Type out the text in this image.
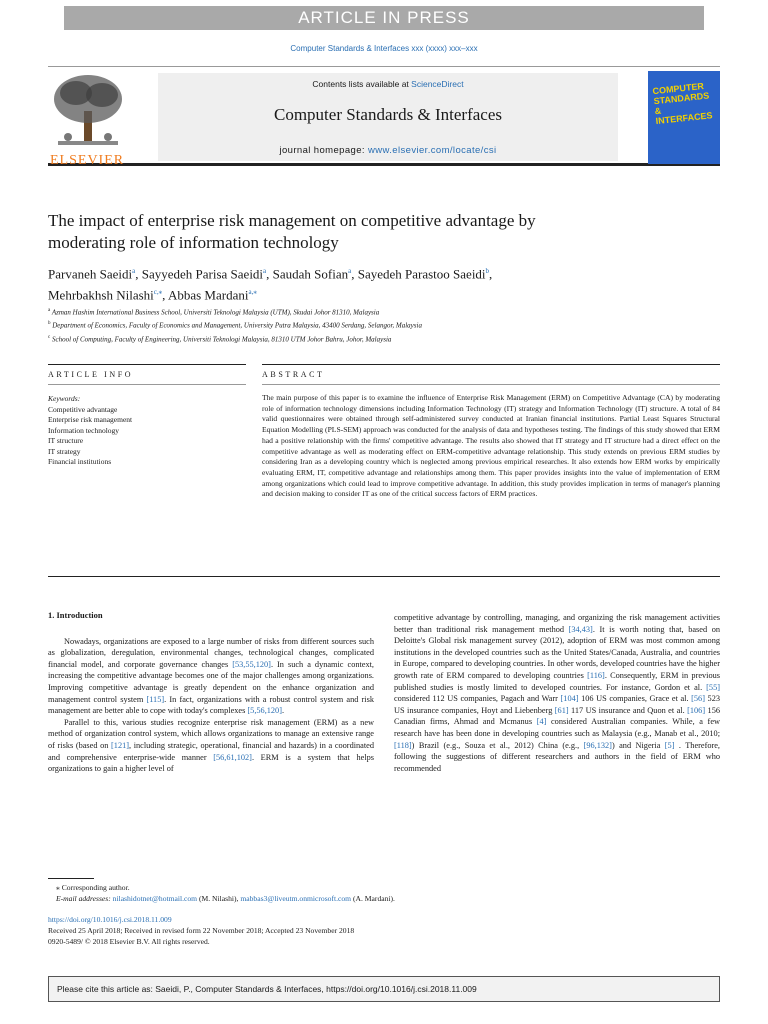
ARTICLE IN PRESS
Computer Standards & Interfaces xxx (xxxx) xxx–xxx
ELSEVIER
Contents lists available at ScienceDirect
Computer Standards & Interfaces
journal homepage: www.elsevier.com/locate/csi
COMPUTER STANDARDS & INTERFACES
The impact of enterprise risk management on competitive advantage by
moderating role of information technology
Parvaneh Saeidi$^a$, Sayyedeh Parisa Saeidi$^a$, Saudah Sofian$^a$, Sayedeh Parastoo Saeidi$^b$,
Mehrbakhsh Nilashi$^{c,⁎}$, Abbas Mardani$^{a,⁎}$
$^a$ Azman Hashim International Business School, Universiti Teknologi Malaysia (UTM), Skudai Johor 81310, Malaysia
$^b$ Department of Economics, Faculty of Economics and Management, University Putra Malaysia, 43400 Serdang, Selangor, Malaysia
$^c$ School of Computing, Faculty of Engineering, Universiti Teknologi Malaysia, 81310 UTM Johor Bahru, Johor, Malaysia
ARTICLE INFO	ABSTRACT
Keywords:
Competitive advantage
Enterprise risk management
Information technology
IT structure
IT strategy
Financial institutions
The main purpose of this paper is to examine the influence of Enterprise Risk Management (ERM) on Competitive Advantage (CA) by moderating role of information technology dimensions including Information Technology (IT) strategy and Information Technology (IT) structure. A total of 84 valid questionnaires were obtained through self-administered survey conducted at Iranian financial institutions. Partial Least Squares Structural Equation Modelling (PLS-SEM) approach was conducted for the analysis of data and hypotheses testing. The findings of this study showed that ERM had a positive relationship with the firms' competitive advantage. The results also showed that IT strategy and IT structure had a direct effect on the competitive advantage as well as moderating effect on ERM-competitive advantage relationship. This study extends on previous ERM studies by considering Iran as a developing country which is neglected among previous empirical researches. It also extends how ERM works by empirically evaluating ERM, IT, competitive advantage and relationships among them. This paper provides insights into the value of implementation of ERM among organizations which could lead to improve competitive advantage. In addition, this study provides implication in terms of manager's planning and decision making to consider IT as one of the critical success factors of ERM practices.
1. Introduction

Nowadays, organizations are exposed to a large number of risks from different sources such as globalization, deregulation, environmental changes, technological changes, complicated financial model, and corporate governance changes [53,55,120]. In such a dynamic context, increasing the competitive advantage becomes one of the major challenges among organizations. Improving competitive advantage is greatly dependent on the enhance organization and management control system [115]. In fact, organizations with a robust control system and risk management are better able to cope with today's complexes [5,56,120].

Parallel to this, various studies recognize enterprise risk management (ERM) as a new method of organization control system, which allows organizations to manage an extensive range of risks (based on [121], including strategic, operational, financial and hazards) in a coordinated and comprehensive enterprise-wide manner [56,61,102]. ERM is a system that helps organizations to gain a higher level of

competitive advantage by controlling, managing, and organizing the risk management activities better than traditional risk management method [34,43]. It is worth noting that, based on Deloitte's Global risk management survey (2012), adoption of ERM was most common among institutions in the developed countries such as the United States/Canada, Australia, and countries in Europe, compared to developing countries. In other words, developed countries have the higher growth rate of ERM compared to developing countries [116]. Consequently, ERM in previous published studies is mostly limited to developed countries. For instance, Gordon et al. [55] considered 112 US companies, Pagach and Warr [104] 106 US companies, Grace et al. [56] 523 US insurance companies, Hoyt and Liebenberg [61] 117 US insurance and Quon et al. [106] 156 Canadian firms, Ahmad and Mcmanus [4] considered Australian companies. While, a few research have has been done in developing countries such as Malaysia (e.g., Manab et al., 2010; [118]) Brazil (e.g., Souza et al., 2012) China (e.g., [96,132]) and Nigeria [5] . Therefore, following the suggestions of different researchers and authors in the field of ERM who recommended

⁎ Corresponding author.
E-mail addresses: nilashidotnet@hotmail.com (M. Nilashi), mabbas3@liveutm.onmicrosoft.com (A. Mardani).
https://doi.org/10.1016/j.csi.2018.11.009
Received 25 April 2018; Received in revised form 22 November 2018; Accepted 23 November 2018
0920-5489/ © 2018 Elsevier B.V. All rights reserved.
Please cite this article as: Saeidi, P., Computer Standards & Interfaces, https://doi.org/10.1016/j.csi.2018.11.009
